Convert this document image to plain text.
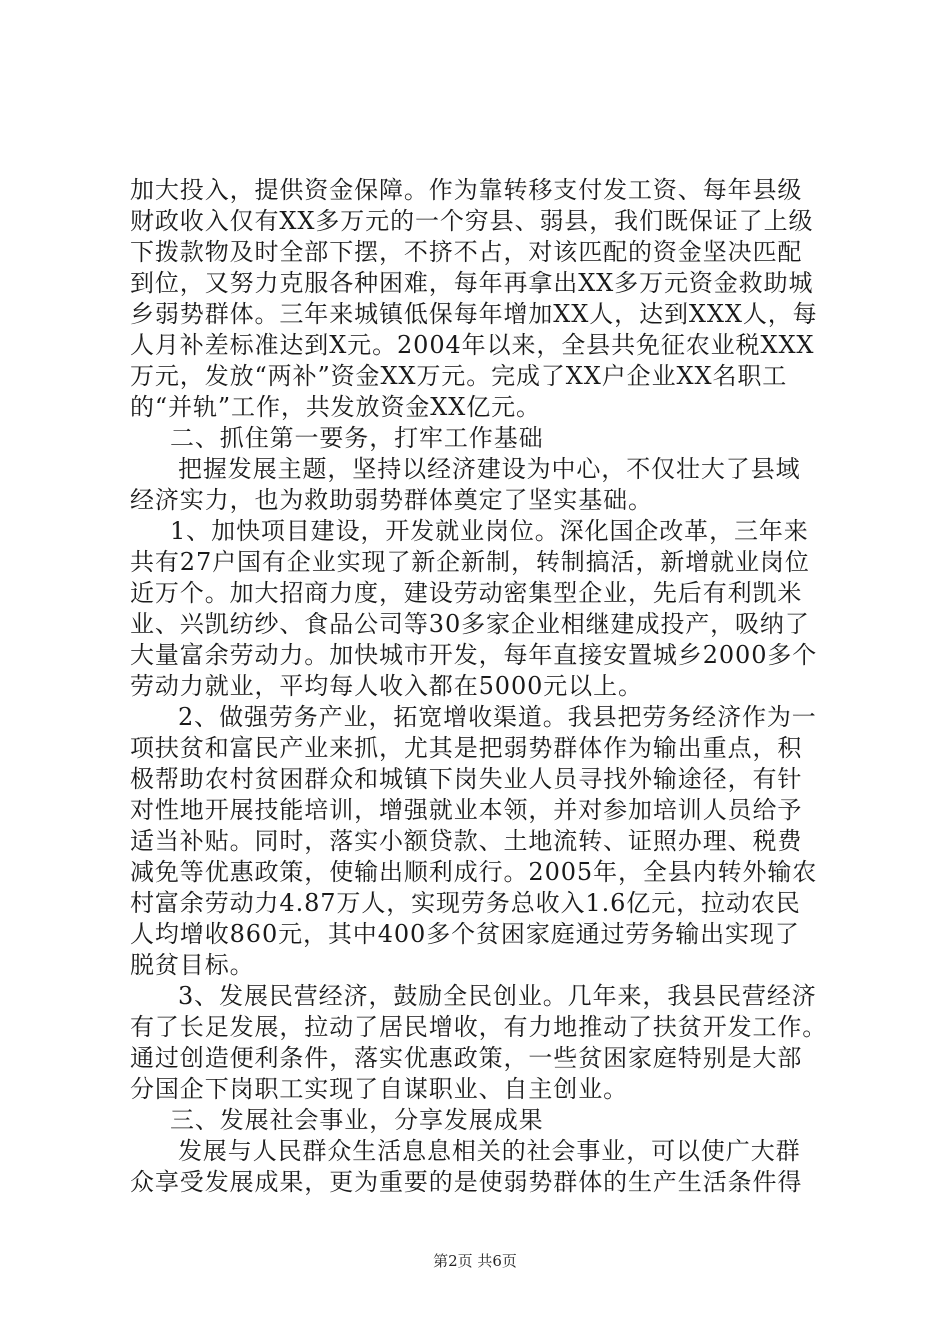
加大投入，提供资金保障。作为靠转移支付发工资、每年县级
财政收入仅有XX多万元的一个穷县、弱县，我们既保证了上级
下拨款物及时全部下摆，不挤不占，对该匹配的资金坚决匹配
到位，又努力克服各种困难，每年再拿出XX多万元资金救助城
乡弱势群体。三年来城镇低保每年增加XX人，达到XXX人，每
人月补差标准达到X元。2004年以来，全县共免征农业税XXX
万元，发放“两补”资金XX万元。完成了XX户企业XX名职工
的“并轨”工作，共发放资金XX亿元。
二、抓住第一要务，打牢工作基础
把握发展主题，坚持以经济建设为中心，不仅壮大了县域
经济实力，也为救助弱势群体奠定了坚实基础。
1、加快项目建设，开发就业岗位。深化国企改革，三年来
共有27户国有企业实现了新企新制，转制搞活，新增就业岗位
近万个。加大招商力度，建设劳动密集型企业，先后有利凯米
业、兴凯纺纱、食品公司等30多家企业相继建成投产，吸纳了
大量富余劳动力。加快城市开发，每年直接安置城乡2000多个
劳动力就业，平均每人收入都在5000元以上。
2、做强劳务产业，拓宽增收渠道。我县把劳务经济作为一
项扶贫和富民产业来抓，尤其是把弱势群体作为输出重点，积
极帮助农村贫困群众和城镇下岗失业人员寻找外输途径，有针
对性地开展技能培训，增强就业本领，并对参加培训人员给予
适当补贴。同时，落实小额贷款、土地流转、证照办理、税费
减免等优惠政策，使输出顺利成行。2005年，全县内转外输农
村富余劳动力4.87万人，实现劳务总收入1.6亿元，拉动农民
人均增收860元，其中400多个贫困家庭通过劳务输出实现了
脱贫目标。
3、发展民营经济，鼓励全民创业。几年来，我县民营经济
有了长足发展，拉动了居民增收，有力地推动了扶贫开发工作。
通过创造便利条件，落实优惠政策，一些贫困家庭特别是大部
分国企下岗职工实现了自谋职业、自主创业。
三、发展社会事业，分享发展成果
发展与人民群众生活息息相关的社会事业，可以使广大群
众享受发展成果，更为重要的是使弱势群体的生产生活条件得
第2页 共6页
